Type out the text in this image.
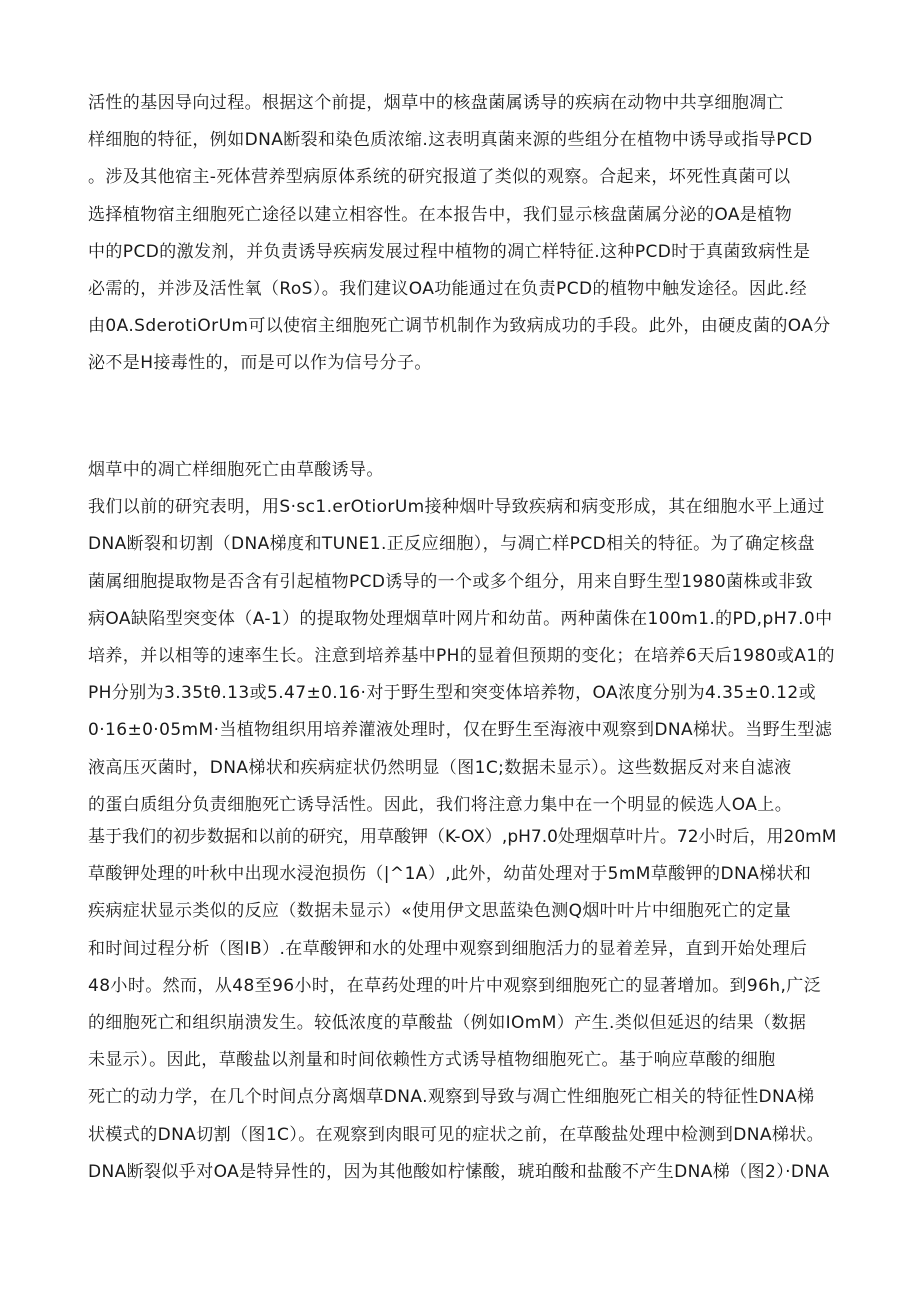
活性的基因导向过程。根据这个前提，烟草中的核盘菌属诱导的疾病在动物中共享细胞凋亡
样细胞的特征，例如DNA断裂和染色质浓缩.这表明真菌来源的些组分在植物中诱导或指导PCD
。涉及其他宿主-死体营养型病原体系统的研究报道了类似的观察。合起来，坏死性真菌可以
选择植物宿主细胞死亡途径以建立相容性。在本报告中，我们显示核盘菌属分泌的OA是植物
中的PCD的激发剂，并负责诱导疾病发展过程中植物的凋亡样特征.这种PCD时于真菌致病性是
必需的，并涉及活性氧（RoS）。我们建议OA功能通过在负责PCD的植物中触发途径。因此.经
由0A.SderotiOrUm可以使宿主细胞死亡调节机制作为致病成功的手段。此外，由硬皮菌的OA分
泌不是H接毒性的，而是可以作为信号分子。
烟草中的凋亡样细胞死亡由草酸诱导。
我们以前的研究表明，用S·sc1.erOtiorUm接种烟叶导致疾病和病变形成，其在细胞水平上通过
DNA断裂和切割（DNA梯度和TUNE1.正反应细胞），与凋亡样PCD相关的特征。为了确定核盘
菌属细胞提取物是否含有引起植物PCD诱导的一个或多个组分，用来自野生型1980菌株或非致
病OA缺陷型突变体（A-1）的提取物处理烟草叶网片和幼苗。两种菌侏在100m1.的PD,pH7.0中
培养，并以相等的速率生长。注意到培养基中PH的显着但预期的变化；在培养6天后1980或A1的
PH分别为3.35tθ.13或5.47±0.16·对于野生型和突变体培养物，OA浓度分别为4.35±0.12或
0·16±0·05mM·当植物组织用培养灌液处理时，仅在野生至海液中观察到DNA梯状。当野生型滤
液高压灭菌时，DNA梯状和疾病症状仍然明显（图1C;数据未显示）。这些数据反对来自滤液
的蛋白质组分负责细胞死亡诱导活性。因此，我们将注意力集中在一个明显的候选人OA上。
基于我们的初步数据和以前的研究，用草酸钾（K-OX）,pH7.0处理烟草叶片。72小时后，用20mM
草酸钾处理的叶秋中出现水浸泡损伤（|^1A）,此外，幼苗处理对于5mM草酸钾的DNA梯状和
疾病症状显示类似的反应（数据未显示）«使用伊文思蓝染色测Q烟叶叶片中细胞死亡的定量
和时间过程分析（图IB）.在草酸钾和水的处理中观察到细胞活力的显着差异，直到开始处理后
48小时。然而，从48至96小时，在草药处理的叶片中观察到细胞死亡的显著增加。到96h,广泛
的细胞死亡和组织崩溃发生。较低浓度的草酸盐（例如IOmM）产生.类似但延迟的结果（数据
未显示）。因此，草酸盐以剂量和时间依赖性方式诱导植物细胞死亡。基于响应草酸的细胞
死亡的动力学，在几个时间点分离烟草DNA.观察到导致与凋亡性细胞死亡相关的特征性DNA梯
状模式的DNA切割（图1C）。在观察到肉眼可见的症状之前，在草酸盐处理中检测到DNA梯状。
DNA断裂似乎对OA是特异性的，因为其他酸如柠愫酸，琥珀酸和盐酸不产生DNA梯（图2）·DNA
